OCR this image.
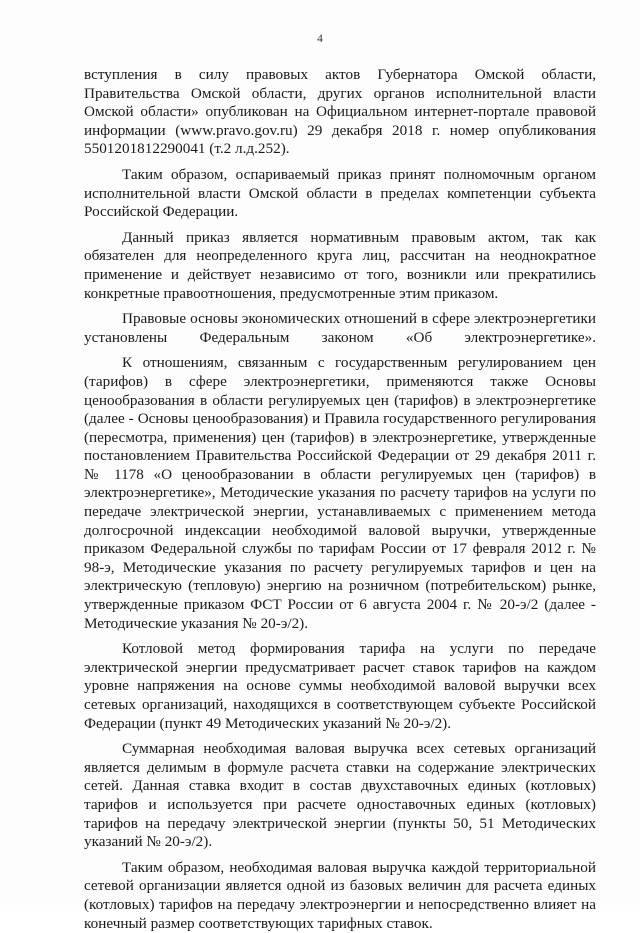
4

вступления в силу правовых актов Губернатора Омской области, Правительства Омской области, других органов исполнительной власти Омской области» опубликован на Официальном интернет-портале правовой информации (www.pravo.gov.ru) 29 декабря 2018 г. номер опубликования 5501201812290041 (т.2 л.д.252).

Таким образом, оспариваемый приказ принят полномочным органом исполнительной власти Омской области в пределах компетенции субъекта Российской Федерации.

Данный приказ является нормативным правовым актом, так как обязателен для неопределенного круга лиц, рассчитан на неоднократное применение и действует независимо от того, возникли или прекратились конкретные правоотношения, предусмотренные этим приказом.

Правовые основы экономических отношений в сфере электроэнергетики установлены Федеральным законом «Об электроэнергетике».

К отношениям, связанным с государственным регулированием цен (тарифов) в сфере электроэнергетики, применяются также Основы ценообразования в области регулируемых цен (тарифов) в электроэнергетике (далее - Основы ценообразования) и Правила государственного регулирования (пересмотра, применения) цен (тарифов) в электроэнергетике, утвержденные постановлением Правительства Российской Федерации от 29 декабря 2011 г. № 1178 «О ценообразовании в области регулируемых цен (тарифов) в электроэнергетике», Методические указания по расчету тарифов на услуги по передаче электрической энергии, устанавливаемых с применением метода долгосрочной индексации необходимой валовой выручки, утвержденные приказом Федеральной службы по тарифам России от 17 февраля 2012 г. № 98-э, Методические указания по расчету регулируемых тарифов и цен на электрическую (тепловую) энергию на розничном (потребительском) рынке, утвержденные приказом ФСТ России от 6 августа 2004 г. № 20-э/2 (далее - Методические указания № 20-э/2).

Котловой метод формирования тарифа на услуги по передаче электрической энергии предусматривает расчет ставок тарифов на каждом уровне напряжения на основе суммы необходимой валовой выручки всех сетевых организаций, находящихся в соответствующем субъекте Российской Федерации (пункт 49 Методических указаний № 20-э/2).

Суммарная необходимая валовая выручка всех сетевых организаций является делимым в формуле расчета ставки на содержание электрических сетей. Данная ставка входит в состав двухставочных единых (котловых) тарифов и используется при расчете одноставочных единых (котловых) тарифов на передачу электрической энергии (пункты 50, 51 Методических указаний № 20-э/2).

Таким образом, необходимая валовая выручка каждой территориальной сетевой организации является одной из базовых величин для расчета единых (котловых) тарифов на передачу электроэнергии и непосредственно влияет на конечный размер соответствующих тарифных ставок.
